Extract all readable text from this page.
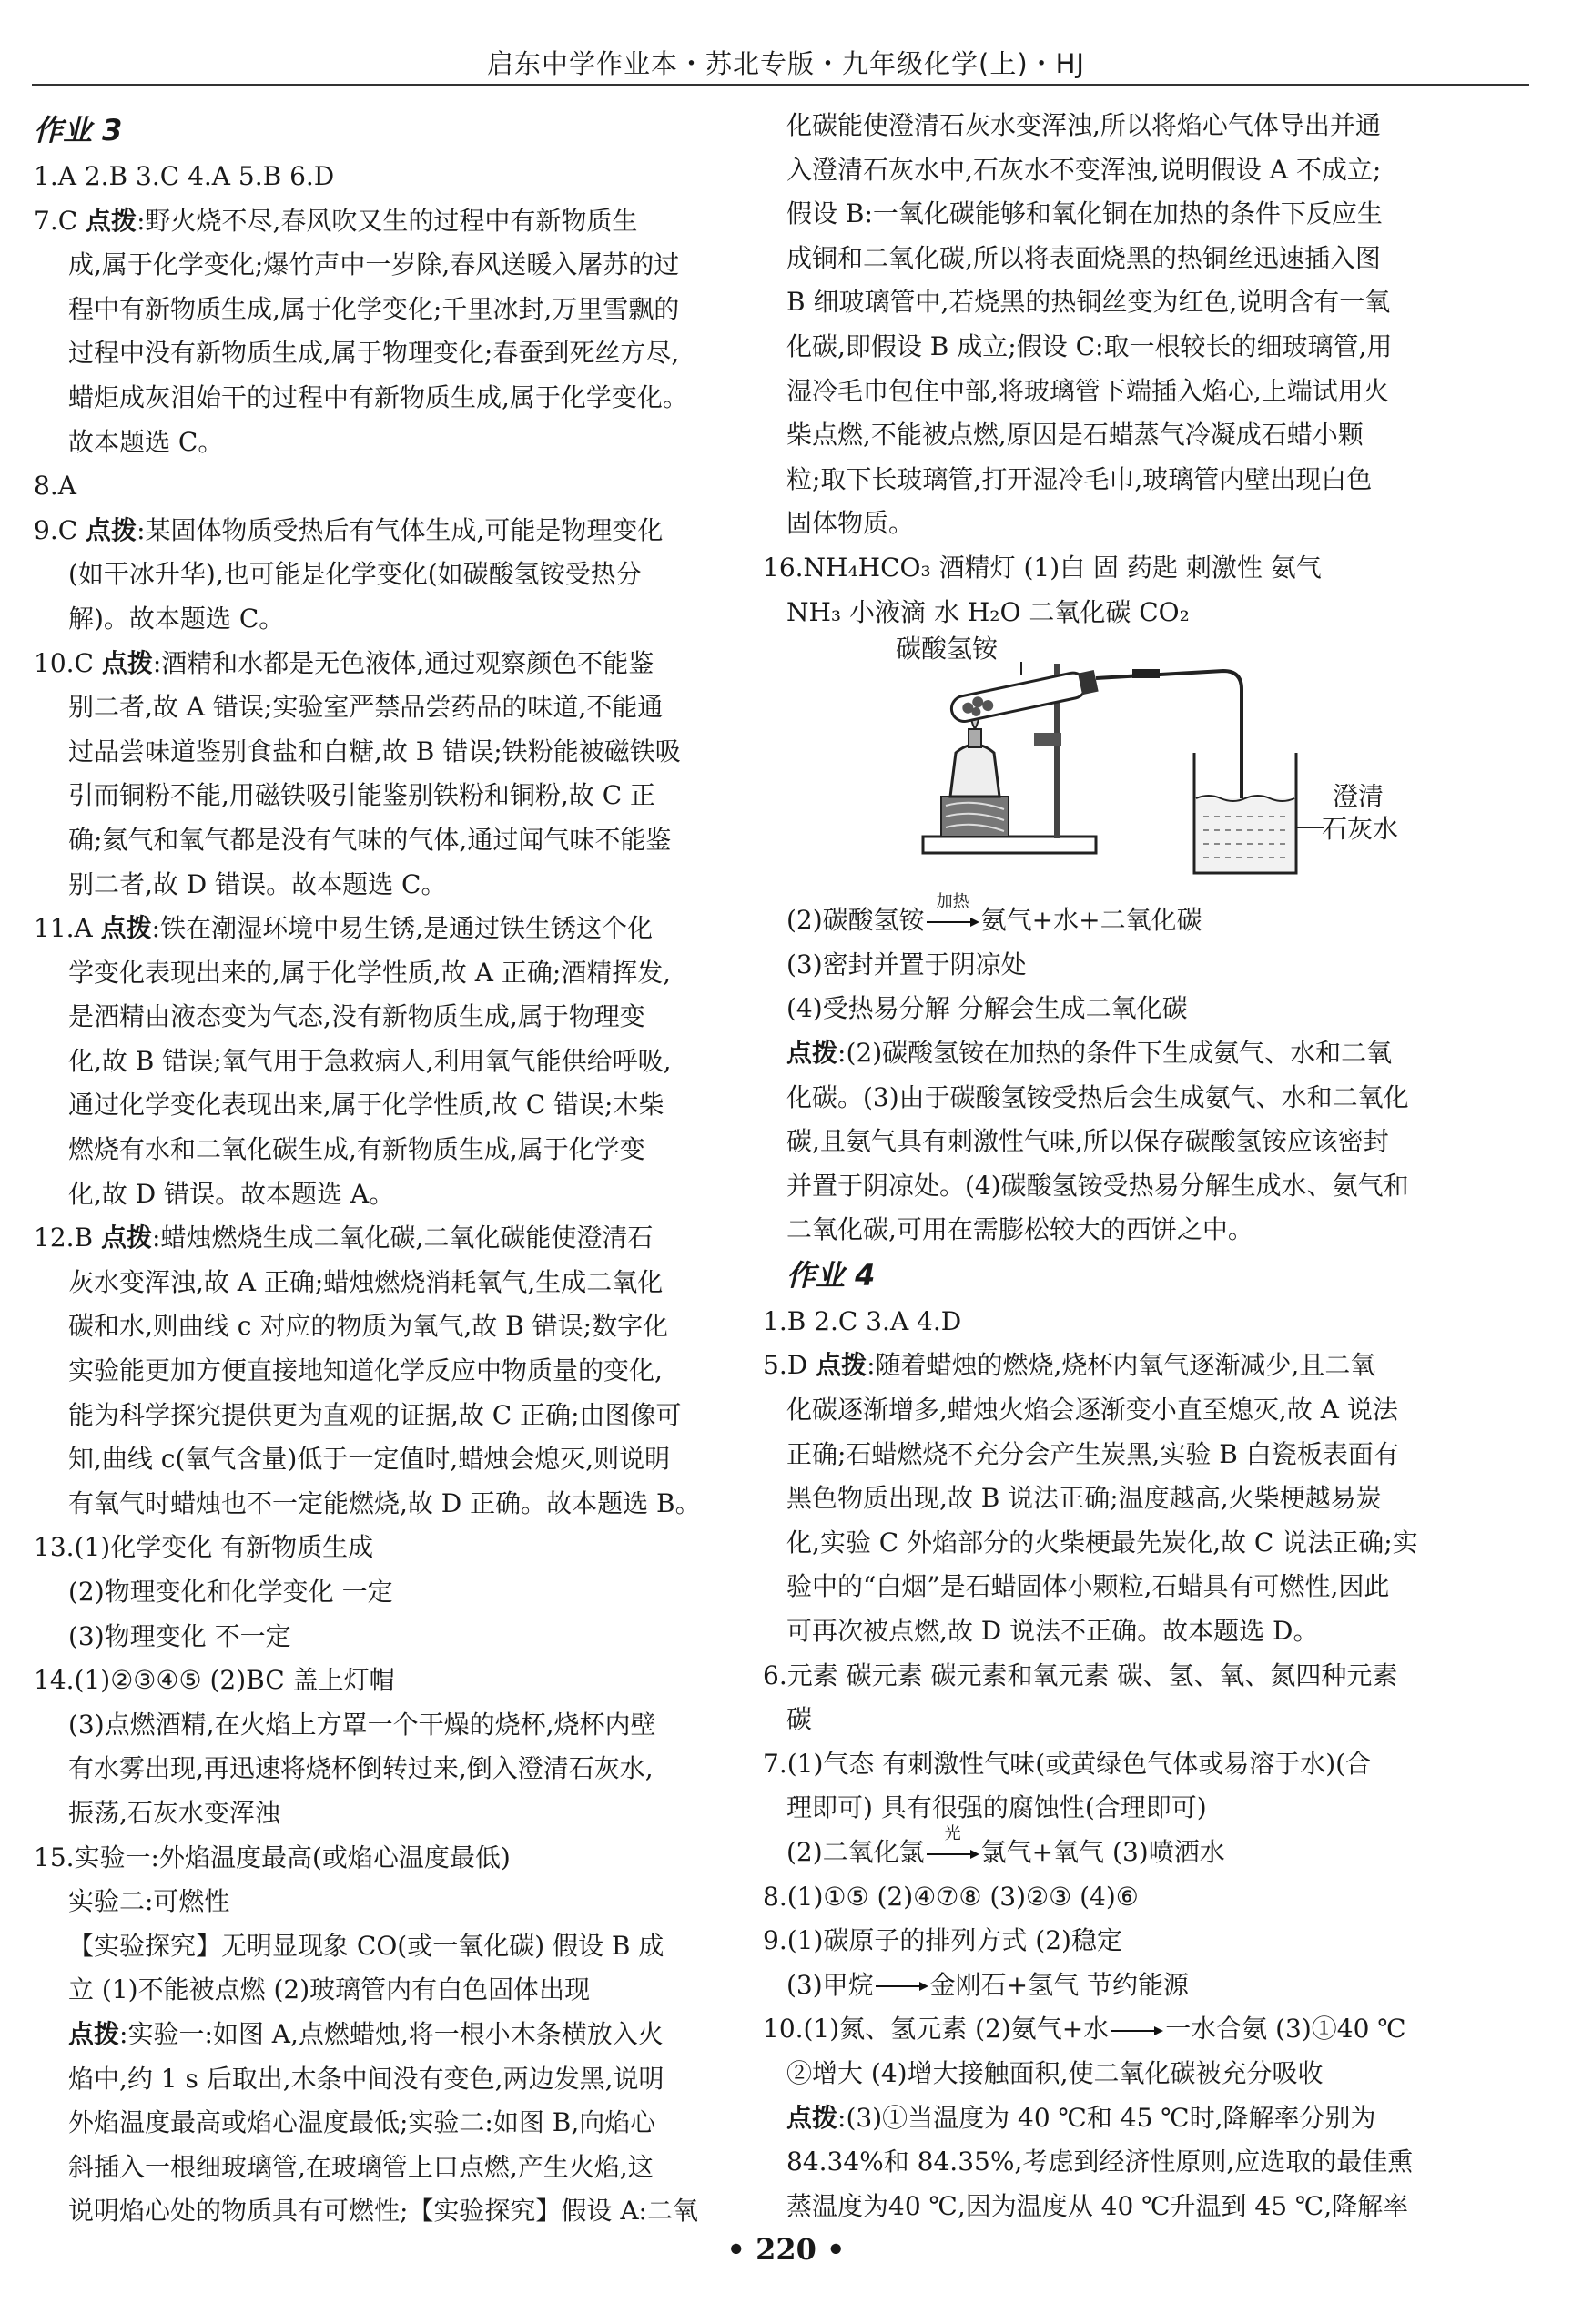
启东中学作业本・苏北专版・九年级化学(上)・HJ
作业 3
1.A 2.B 3.C 4.A 5.B 6.D
7.C 点拨:野火烧不尽,春风吹又生的过程中有新物质生
成,属于化学变化;爆竹声中一岁除,春风送暖入屠苏的过
程中有新物质生成,属于化学变化;千里冰封,万里雪飘的
过程中没有新物质生成,属于物理变化;春蚕到死丝方尽,
蜡炬成灰泪始干的过程中有新物质生成,属于化学变化。
故本题选 C。
8.A
9.C 点拨:某固体物质受热后有气体生成,可能是物理变化
(如干冰升华),也可能是化学变化(如碳酸氢铵受热分
解)。故本题选 C。
10.C 点拨:酒精和水都是无色液体,通过观察颜色不能鉴
别二者,故 A 错误;实验室严禁品尝药品的味道,不能通
过品尝味道鉴别食盐和白糖,故 B 错误;铁粉能被磁铁吸
引而铜粉不能,用磁铁吸引能鉴别铁粉和铜粉,故 C 正
确;氦气和氧气都是没有气味的气体,通过闻气味不能鉴
别二者,故 D 错误。故本题选 C。
11.A 点拨:铁在潮湿环境中易生锈,是通过铁生锈这个化
学变化表现出来的,属于化学性质,故 A 正确;酒精挥发,
是酒精由液态变为气态,没有新物质生成,属于物理变
化,故 B 错误;氧气用于急救病人,利用氧气能供给呼吸,
通过化学变化表现出来,属于化学性质,故 C 错误;木柴
燃烧有水和二氧化碳生成,有新物质生成,属于化学变
化,故 D 错误。故本题选 A。
12.B 点拨:蜡烛燃烧生成二氧化碳,二氧化碳能使澄清石
灰水变浑浊,故 A 正确;蜡烛燃烧消耗氧气,生成二氧化
碳和水,则曲线 c 对应的物质为氧气,故 B 错误;数字化
实验能更加方便直接地知道化学反应中物质量的变化,
能为科学探究提供更为直观的证据,故 C 正确;由图像可
知,曲线 c(氧气含量)低于一定值时,蜡烛会熄灭,则说明
有氧气时蜡烛也不一定能燃烧,故 D 正确。故本题选 B。
13.(1)化学变化 有新物质生成
(2)物理变化和化学变化 一定
(3)物理变化 不一定
14.(1)②③④⑤ (2)BC 盖上灯帽
(3)点燃酒精,在火焰上方罩一个干燥的烧杯,烧杯内壁
有水雾出现,再迅速将烧杯倒转过来,倒入澄清石灰水,
振荡,石灰水变浑浊
15.实验一:外焰温度最高(或焰心温度最低)
实验二:可燃性
【实验探究】无明显现象 CO(或一氧化碳) 假设 B 成
立 (1)不能被点燃 (2)玻璃管内有白色固体出现
点拨:实验一:如图 A,点燃蜡烛,将一根小木条横放入火
焰中,约 1 s 后取出,木条中间没有变色,两边发黑,说明
外焰温度最高或焰心温度最低;实验二:如图 B,向焰心
斜插入一根细玻璃管,在玻璃管上口点燃,产生火焰,这
说明焰心处的物质具有可燃性;【实验探究】假设 A:二氧
化碳能使澄清石灰水变浑浊,所以将焰心气体导出并通
入澄清石灰水中,石灰水不变浑浊,说明假设 A 不成立;
假设 B:一氧化碳能够和氧化铜在加热的条件下反应生
成铜和二氧化碳,所以将表面烧黑的热铜丝迅速插入图
B 细玻璃管中,若烧黑的热铜丝变为红色,说明含有一氧
化碳,即假设 B 成立;假设 C:取一根较长的细玻璃管,用
湿冷毛巾包住中部,将玻璃管下端插入焰心,上端试用火
柴点燃,不能被点燃,原因是石蜡蒸气冷凝成石蜡小颗
粒;取下长玻璃管,打开湿冷毛巾,玻璃管内壁出现白色
固体物质。
16.NH₄HCO₃ 酒精灯 (1)白 固 药匙 刺激性 氨气
NH₃ 小液滴 水 H₂O 二氧化碳 CO₂
碳酸氢铵
澄清
石灰水
(2)碳酸氢铵
加热
氨气+水+二氧化碳
(3)密封并置于阴凉处
(4)受热易分解 分解会生成二氧化碳
点拨:(2)碳酸氢铵在加热的条件下生成氨气、水和二氧
化碳。(3)由于碳酸氢铵受热后会生成氨气、水和二氧化
碳,且氨气具有刺激性气味,所以保存碳酸氢铵应该密封
并置于阴凉处。(4)碳酸氢铵受热易分解生成水、氨气和
二氧化碳,可用在需膨松较大的西饼之中。
作业 4
1.B 2.C 3.A 4.D
5.D 点拨:随着蜡烛的燃烧,烧杯内氧气逐渐减少,且二氧
化碳逐渐增多,蜡烛火焰会逐渐变小直至熄灭,故 A 说法
正确;石蜡燃烧不充分会产生炭黑,实验 B 白瓷板表面有
黑色物质出现,故 B 说法正确;温度越高,火柴梗越易炭
化,实验 C 外焰部分的火柴梗最先炭化,故 C 说法正确;实
验中的“白烟”是石蜡固体小颗粒,石蜡具有可燃性,因此
可再次被点燃,故 D 说法不正确。故本题选 D。
6.元素 碳元素 碳元素和氧元素 碳、氢、氧、氮四种元素
碳
7.(1)气态 有刺激性气味(或黄绿色气体或易溶于水)(合
理即可) 具有很强的腐蚀性(合理即可)
(2)二氧化氯
光
氯气+氧气 (3)喷洒水
8.(1)①⑤ (2)④⑦⑧ (3)②③ (4)⑥
9.(1)碳原子的排列方式 (2)稳定
(3)甲烷→金刚石+氢气 节约能源
10.(1)氮、氢元素 (2)氨气+水→一水合氨 (3)①40 ℃
②增大 (4)增大接触面积,使二氧化碳被充分吸收
点拨:(3)①当温度为 40 ℃和 45 ℃时,降解率分别为
84.34%和 84.35%,考虑到经济性原则,应选取的最佳熏
蒸温度为40 ℃,因为温度从 40 ℃升温到 45 ℃,降解率
• 220 •
